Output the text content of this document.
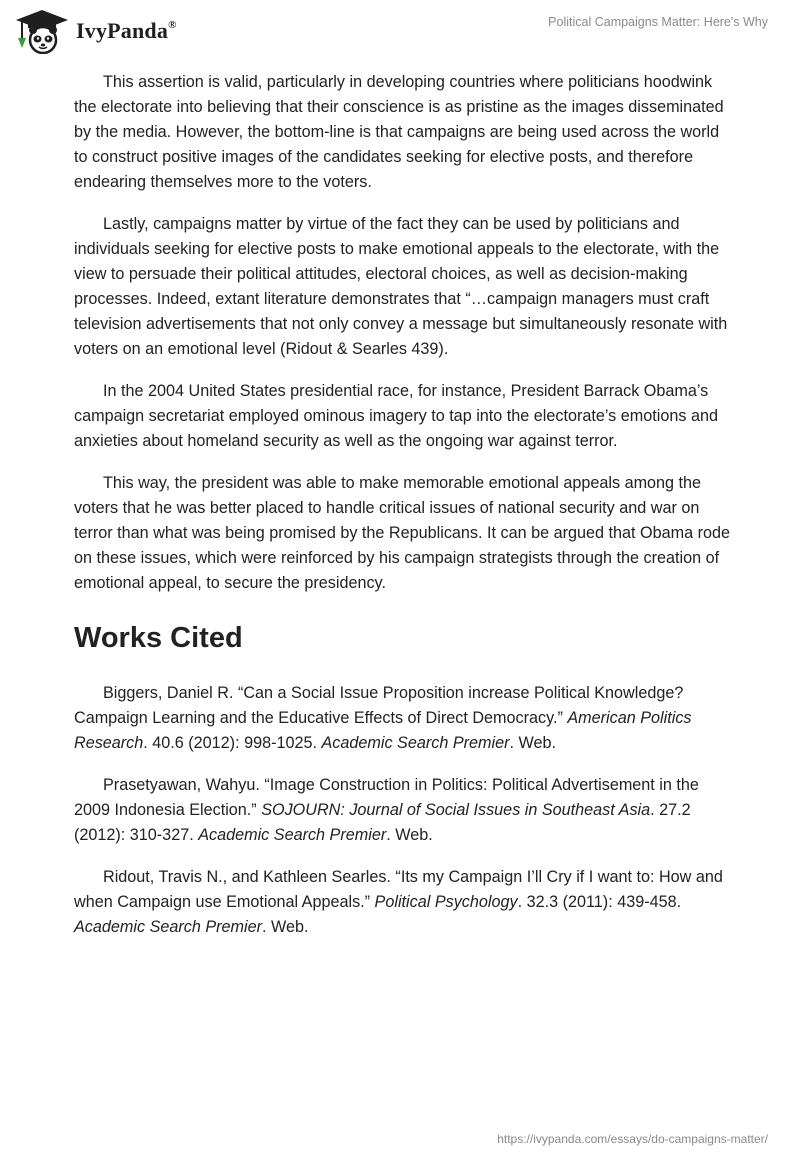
IvyPanda®	Political Campaigns Matter: Here's Why

This assertion is valid, particularly in developing countries where politicians hoodwink the electorate into believing that their conscience is as pristine as the images disseminated by the media. However, the bottom-line is that campaigns are being used across the world to construct positive images of the candidates seeking for elective posts, and therefore endearing themselves more to the voters.

Lastly, campaigns matter by virtue of the fact they can be used by politicians and individuals seeking for elective posts to make emotional appeals to the electorate, with the view to persuade their political attitudes, electoral choices, as well as decision-making processes. Indeed, extant literature demonstrates that “…campaign managers must craft television advertisements that not only convey a message but simultaneously resonate with voters on an emotional level (Ridout & Searles 439).

In the 2004 United States presidential race, for instance, President Barrack Obama’s campaign secretariat employed ominous imagery to tap into the electorate’s emotions and anxieties about homeland security as well as the ongoing war against terror.

This way, the president was able to make memorable emotional appeals among the voters that he was better placed to handle critical issues of national security and war on terror than what was being promised by the Republicans. It can be argued that Obama rode on these issues, which were reinforced by his campaign strategists through the creation of emotional appeal, to secure the presidency.

Works Cited

Biggers, Daniel R. “Can a Social Issue Proposition increase Political Knowledge? Campaign Learning and the Educative Effects of Direct Democracy.” American Politics Research. 40.6 (2012): 998-1025. Academic Search Premier. Web.

Prasetyawan, Wahyu. “Image Construction in Politics: Political Advertisement in the 2009 Indonesia Election.” SOJOURN: Journal of Social Issues in Southeast Asia. 27.2 (2012): 310-327. Academic Search Premier. Web.

Ridout, Travis N., and Kathleen Searles. “Its my Campaign I’ll Cry if I want to: How and when Campaign use Emotional Appeals.” Political Psychology. 32.3 (2011): 439-458. Academic Search Premier. Web.

https://ivypanda.com/essays/do-campaigns-matter/
